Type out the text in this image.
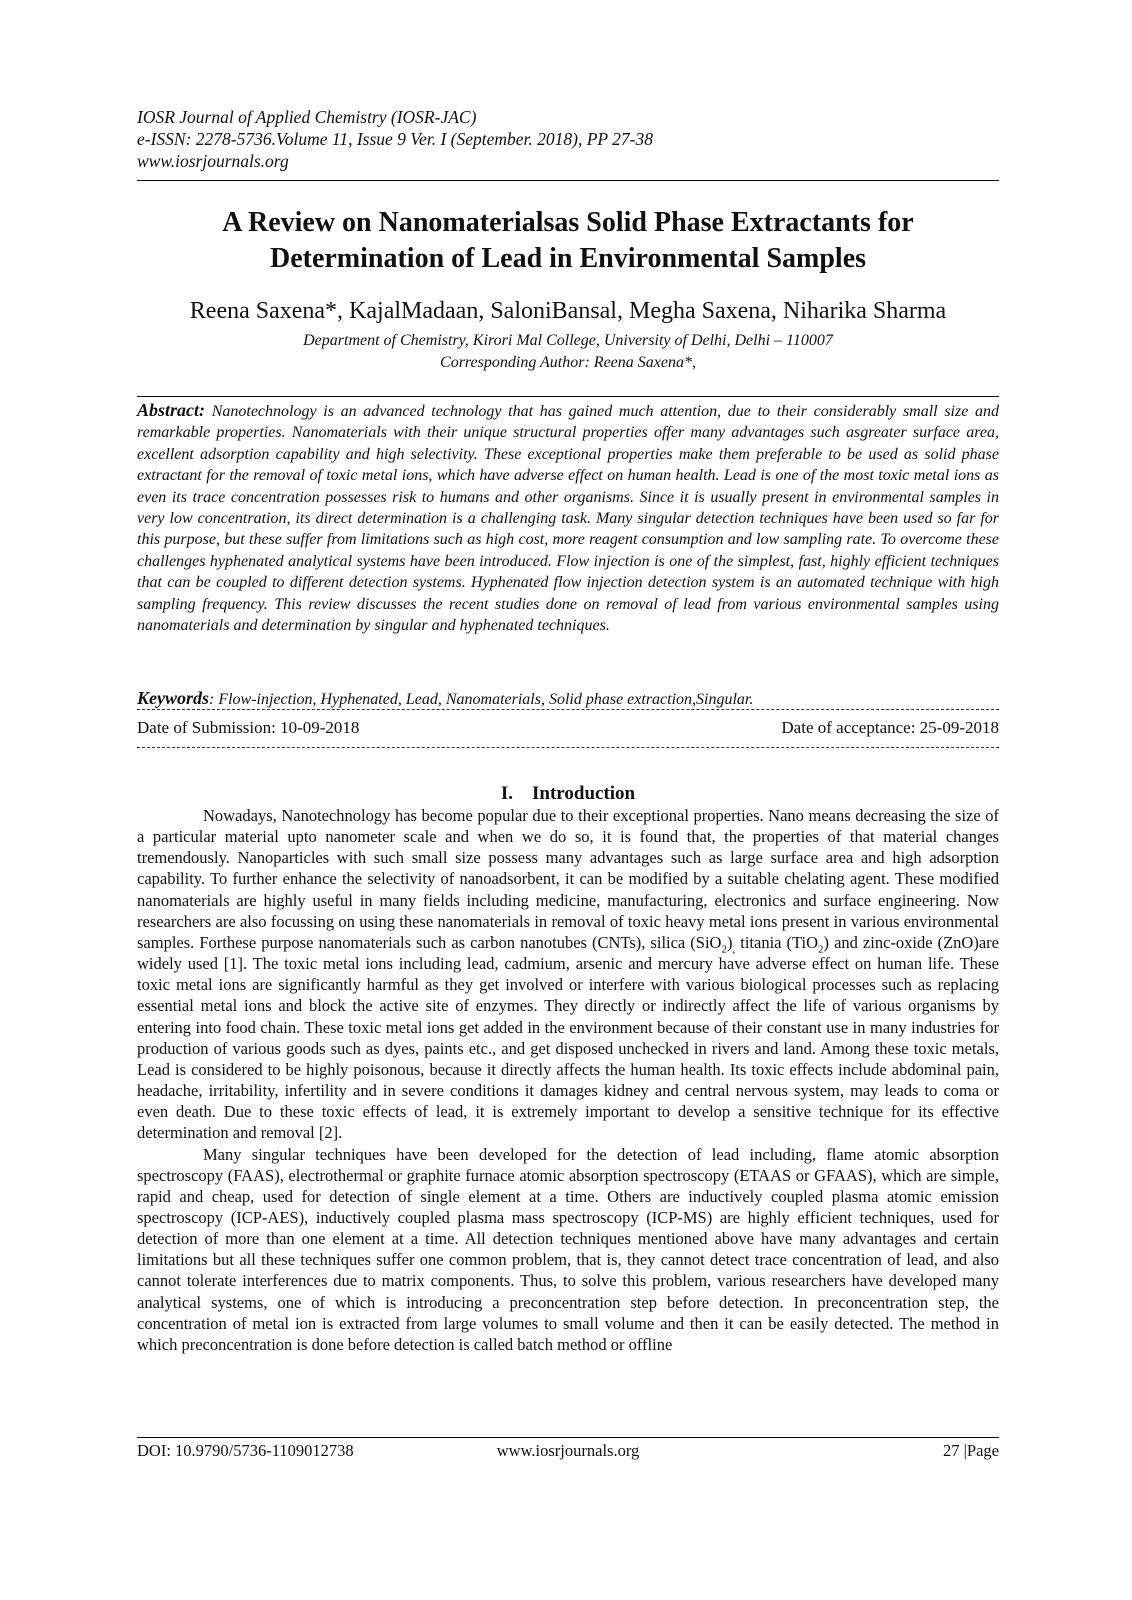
IOSR Journal of Applied Chemistry (IOSR-JAC)
e-ISSN: 2278-5736.Volume 11, Issue 9 Ver. I (September. 2018), PP 27-38
www.iosrjournals.org
A Review on Nanomaterialsas Solid Phase Extractants for
Determination of Lead in Environmental Samples
Reena Saxena*, KajalMadaan, SaloniBansal, Megha Saxena, Niharika Sharma
Department of Chemistry, Kirori Mal College, University of Delhi, Delhi – 110007
Corresponding Author: Reena Saxena*,
Abstract: Nanotechnology is an advanced technology that has gained much attention, due to their considerably small size and remarkable properties. Nanomaterials with their unique structural properties offer many advantages such asgreater surface area, excellent adsorption capability and high selectivity. These exceptional properties make them preferable to be used as solid phase extractant for the removal of toxic metal ions, which have adverse effect on human health. Lead is one of the most toxic metal ions as even its trace concentration possesses risk to humans and other organisms. Since it is usually present in environmental samples in very low concentration, its direct determination is a challenging task. Many singular detection techniques have been used so far for this purpose, but these suffer from limitations such as high cost, more reagent consumption and low sampling rate. To overcome these challenges hyphenated analytical systems have been introduced. Flow injection is one of the simplest, fast, highly efficient techniques that can be coupled to different detection systems. Hyphenated flow injection detection system is an automated technique with high sampling frequency. This review discusses the recent studies done on removal of lead from various environmental samples using nanomaterials and determination by singular and hyphenated techniques.
Keywords: Flow-injection, Hyphenated, Lead, Nanomaterials, Solid phase extraction,Singular.
Date of Submission: 10-09-2018	Date of acceptance: 25-09-2018
I.    Introduction

Nowadays, Nanotechnology has become popular due to their exceptional properties. Nano means decreasing the size of a particular material upto nanometer scale and when we do so, it is found that, the properties of that material changes tremendously. Nanoparticles with such small size possess many advantages such as large surface area and high adsorption capability. To further enhance the selectivity of nanoadsorbent, it can be modified by a suitable chelating agent. These modified nanomaterials are highly useful in many fields including medicine, manufacturing, electronics and surface engineering. Now researchers are also focussing on using these nanomaterials in removal of toxic heavy metal ions present in various environmental samples. Forthese purpose nanomaterials such as carbon nanotubes (CNTs), silica $(SiO_2)_,$ titania (TiO$_2$) and zinc-oxide (ZnO)are widely used [1]. The toxic metal ions including lead, cadmium, arsenic and mercury have adverse effect on human life. These toxic metal ions are significantly harmful as they get involved or interfere with various biological processes such as replacing essential metal ions and block the active site of enzymes. They directly or indirectly affect the life of various organisms by entering into food chain. These toxic metal ions get added in the environment because of their constant use in many industries for production of various goods such as dyes, paints etc., and get disposed unchecked in rivers and land. Among these toxic metals, Lead is considered to be highly poisonous, because it directly affects the human health. Its toxic effects include abdominal pain, headache, irritability, infertility and in severe conditions it damages kidney and central nervous system, may leads to coma or even death. Due to these toxic effects of lead, it is extremely important to develop a sensitive technique for its effective determination and removal [2].

Many singular techniques have been developed for the detection of lead including, flame atomic absorption spectroscopy (FAAS), electrothermal or graphite furnace atomic absorption spectroscopy (ETAAS or GFAAS), which are simple, rapid and cheap, used for detection of single element at a time. Others are inductively coupled plasma atomic emission spectroscopy (ICP-AES), inductively coupled plasma mass spectroscopy (ICP-MS) are highly efficient techniques, used for detection of more than one element at a time. All detection techniques mentioned above have many advantages and certain limitations but all these techniques suffer one common problem, that is, they cannot detect trace concentration of lead, and also cannot tolerate interferences due to matrix components. Thus, to solve this problem, various researchers have developed many analytical systems, one of which is introducing a preconcentration step before detection. In preconcentration step, the concentration of metal ion is extracted from large volumes to small volume and then it can be easily detected. The method in which preconcentration is done before detection is called batch method or offline

DOI: 10.9790/5736-1109012738	www.iosrjournals.org	27 |Page
